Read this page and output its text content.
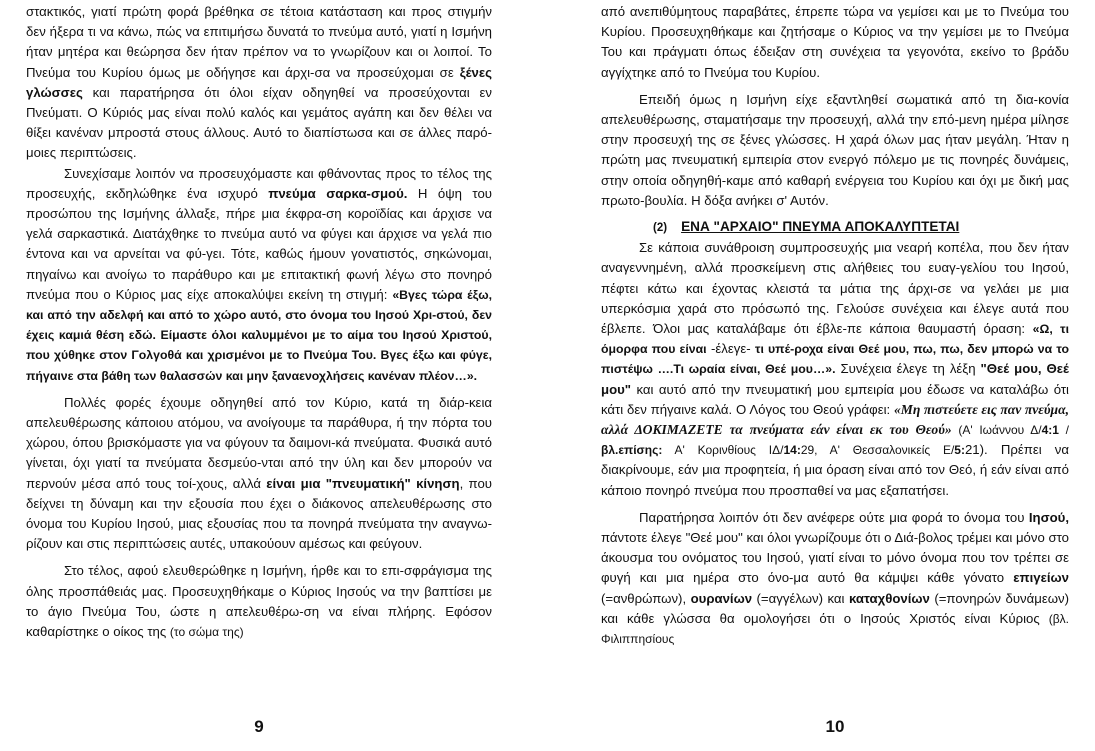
στακτικός, γιατί πρώτη φορά βρέθηκα σε τέτοια κατάσταση και προς στιγμήν δεν ήξερα τι να κάνω, πώς να επιτιμήσω δυνατά το πνεύμα αυτό, γιατί η Ισμήνη ήταν μητέρα και θεώρησα δεν ήταν πρέπον να το γνωρίζουν και οι λοιποί. Το Πνεύμα του Κυρίου όμως με οδήγησε και άρχι-σα να προσεύχομαι σε ξένες γλώσσες και παρατήρησα ότι όλοι είχαν οδηγηθεί να προσεύχονται εν Πνεύματι. Ο Κύριός μας είναι πολύ καλός και γεμάτος αγάπη και δεν θέλει να θίξει κανέναν μπροστά στους άλλους. Αυτό το διαπίστωσα και σε άλλες παρό-μοιες περιπτώσεις.

Συνεχίσαμε λοιπόν να προσευχόμαστε και φθάνοντας προς το τέλος της προσευχής, εκδηλώθηκε ένα ισχυρό πνεύμα σαρκα-σμού. Η όψη του προσώπου της Ισμήνης άλλαξε, πήρε μια έκφρα-ση κοροϊδίας και άρχισε να γελά σαρκαστικά. Διατάχθηκε το πνεύμα αυτό να φύγει και άρχισε να γελά πιο έντονα και να αρνείται να φύ-γει. Τότε, καθώς ήμουν γονατιστός, σηκώνομαι, πηγαίνω και ανοίγω το παράθυρο και με επιτακτική φωνή λέγω στο πονηρό πνεύμα που ο Κύριος μας είχε αποκαλύψει εκείνη τη στιγμή: «Βγες τώρα έξω, και από την αδελφή και από το χώρο αυτό, στο όνομα του Ιησού Χρι-στού, δεν έχεις καμιά θέση εδώ. Είμαστε όλοι καλυμμένοι με το αίμα του Ιησού Χριστού, που χύθηκε στον Γολγοθά και χρισμένοι με το Πνεύμα Του. Βγες έξω και φύγε, πήγαινε στα βάθη των θαλασσών και μην ξαναενοχλήσεις κανέναν πλέον…».

Πολλές φορές έχουμε οδηγηθεί από τον Κύριο, κατά τη διάρ-κεια απελευθέρωσης κάποιου ατόμου, να ανοίγουμε τα παράθυρα, ή την πόρτα του χώρου, όπου βρισκόμαστε για να φύγουν τα δαιμονι-κά πνεύματα. Φυσικά αυτό γίνεται, όχι γιατί τα πνεύματα δεσμεύο-νται από την ύλη και δεν μπορούν να περνούν μέσα από τους τοί-χους, αλλά είναι μια "πνευματική" κίνηση, που δείχνει τη δύναμη και την εξουσία που έχει ο διάκονος απελευθέρωσης στο όνομα του Κυρίου Ιησού, μιας εξουσίας που τα πονηρά πνεύματα την αναγνω-ρίζουν και στις περιπτώσεις αυτές, υπακούουν αμέσως και φεύγουν.

Στο τέλος, αφού ελευθερώθηκε η Ισμήνη, ήρθε και το επι-σφράγισμα της όλης προσπάθειάς μας. Προσευχηθήκαμε ο Κύριος Ιησούς να την βαπτίσει με το άγιο Πνεύμα Του, ώστε η απελευθέρω-ση να είναι πλήρης. Εφόσον καθαρίστηκε ο οίκος της (το σώμα της)

9

από ανεπιθύμητους παραβάτες, έπρεπε τώρα να γεμίσει και με το Πνεύμα του Κυρίου. Προσευχηθήκαμε και ζητήσαμε ο Κύριος να την γεμίσει με το Πνεύμα Του και πράγματι όπως έδειξαν στη συνέχεια τα γεγονότα, εκείνο το βράδυ αγγίχτηκε από το Πνεύμα του Κυρίου.

Επειδή όμως η Ισμήνη είχε εξαντληθεί σωματικά από τη δια-κονία απελευθέρωσης, σταματήσαμε την προσευχή, αλλά την επό-μενη ημέρα μίλησε στην προσευχή της σε ξένες γλώσσες. Η χαρά όλων μας ήταν μεγάλη. Ήταν η πρώτη μας πνευματική εμπειρία στον ενεργό πόλεμο με τις πονηρές δυνάμεις, στην οποία οδηγηθή-καμε από καθαρή ενέργεια του Κυρίου και όχι με δική μας πρωτο-βουλία. Η δόξα ανήκει σ' Αυτόν.

(2) ΕΝΑ "ΑΡΧΑΙΟ" ΠΝΕΥΜΑ ΑΠΟΚΑΛΥΠΤΕΤΑΙ

Σε κάποια συνάθροιση συμπροσευχής μια νεαρή κοπέλα, που δεν ήταν αναγεννημένη, αλλά προσκείμενη στις αλήθειες του ευαγ-γελίου του Ιησού, πέφτει κάτω και έχοντας κλειστά τα μάτια της άρχι-σε να γελάει με μια υπερκόσμια χαρά στο πρόσωπό της. Γελούσε συνέχεια και έλεγε αυτά που έβλεπε. Όλοι μας καταλάβαμε ότι έβλε-πε κάποια θαυμαστή όραση: «Ω, τι όμορφα που είναι -έλεγε- τι υπέ-ροχα είναι Θεέ μου, πω, πω, δεν μπορώ να το πιστέψω ….Τι ωραία είναι, Θεέ μου…». Συνέχεια έλεγε τη λέξη "Θεέ μου, Θεέ μου" και αυτό από την πνευματική μου εμπειρία μου έδωσε να καταλάβω ότι κάτι δεν πήγαινε καλά. Ο Λόγος του Θεού γράφει: «Μη πιστεύετε εις παν πνεύμα, αλλά ΔΟΚΙΜΑΖΕΤΕ τα πνεύματα εάν είναι εκ του Θεού» (Α' Ιωάννου Δ/4:1 /βλ.επίσης: Α' Κορινθίους ΙΔ/14:29, Α' Θεσσαλονικείς Ε/5:21). Πρέπει να διακρίνουμε, εάν μια προφητεία, ή μια όραση είναι από τον Θεό, ή εάν είναι από κάποιο πονηρό πνεύμα που προσπαθεί να μας εξαπατήσει.

Παρατήρησα λοιπόν ότι δεν ανέφερε ούτε μια φορά το όνομα του Ιησού, πάντοτε έλεγε "Θεέ μου" και όλοι γνωρίζουμε ότι ο Διά-βολος τρέμει και μόνο στο άκουσμα του ονόματος του Ιησού, γιατί είναι το μόνο όνομα που τον τρέπει σε φυγή και μια ημέρα στο όνο-μα αυτό θα κάμψει κάθε γόνατο επιγείων (=ανθρώπων), ουρανίων (=αγγέλων) και καταχθονίων (=πονηρών δυνάμεων) και κάθε γλώσσα θα ομολογήσει ότι ο Ιησούς Χριστός είναι Κύριος (βλ. Φιλιππησίους

10
